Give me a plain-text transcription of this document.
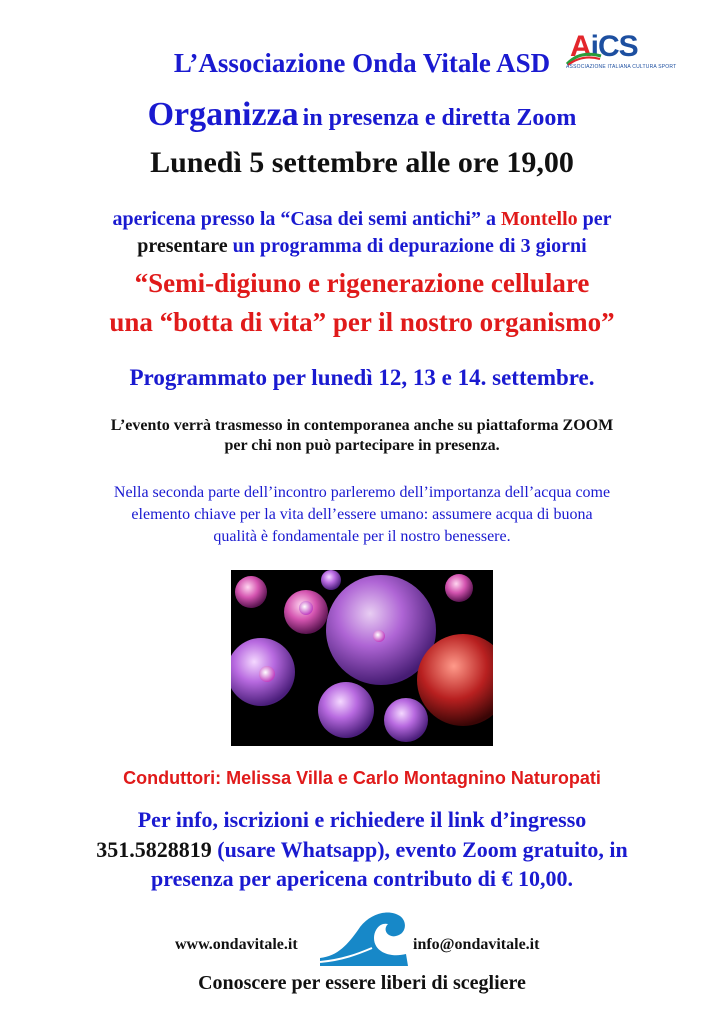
AiCS
ASSOCIAZIONE ITALIANA CULTURA SPORT
L’Associazione Onda Vitale ASD
Organizza in presenza e diretta Zoom
Lunedì 5 settembre alle ore 19,00
apericena presso la “Casa dei semi antichi” a Montello per
presentare un programma di depurazione di 3 giorni
“Semi-digiuno e rigenerazione cellulare
una “botta di vita” per il nostro organismo”
Programmato per lunedì 12, 13 e 14. settembre.
L’evento verrà trasmesso in contemporanea anche su piattaforma ZOOM
per chi non può partecipare in presenza.
Nella seconda parte dell’incontro parleremo dell’importanza dell’acqua come
elemento chiave per la vita dell’essere umano: assumere acqua di buona
qualità è fondamentale per il nostro benessere.
Conduttori: Melissa Villa e Carlo Montagnino Naturopati
Per info, iscrizioni e richiedere il link d’ingresso
351.5828819 (usare Whatsapp), evento Zoom gratuito, in
presenza per apericena contributo di € 10,00.
www.ondavitale.it	info@ondavitale.it
Conoscere per essere liberi di scegliere
